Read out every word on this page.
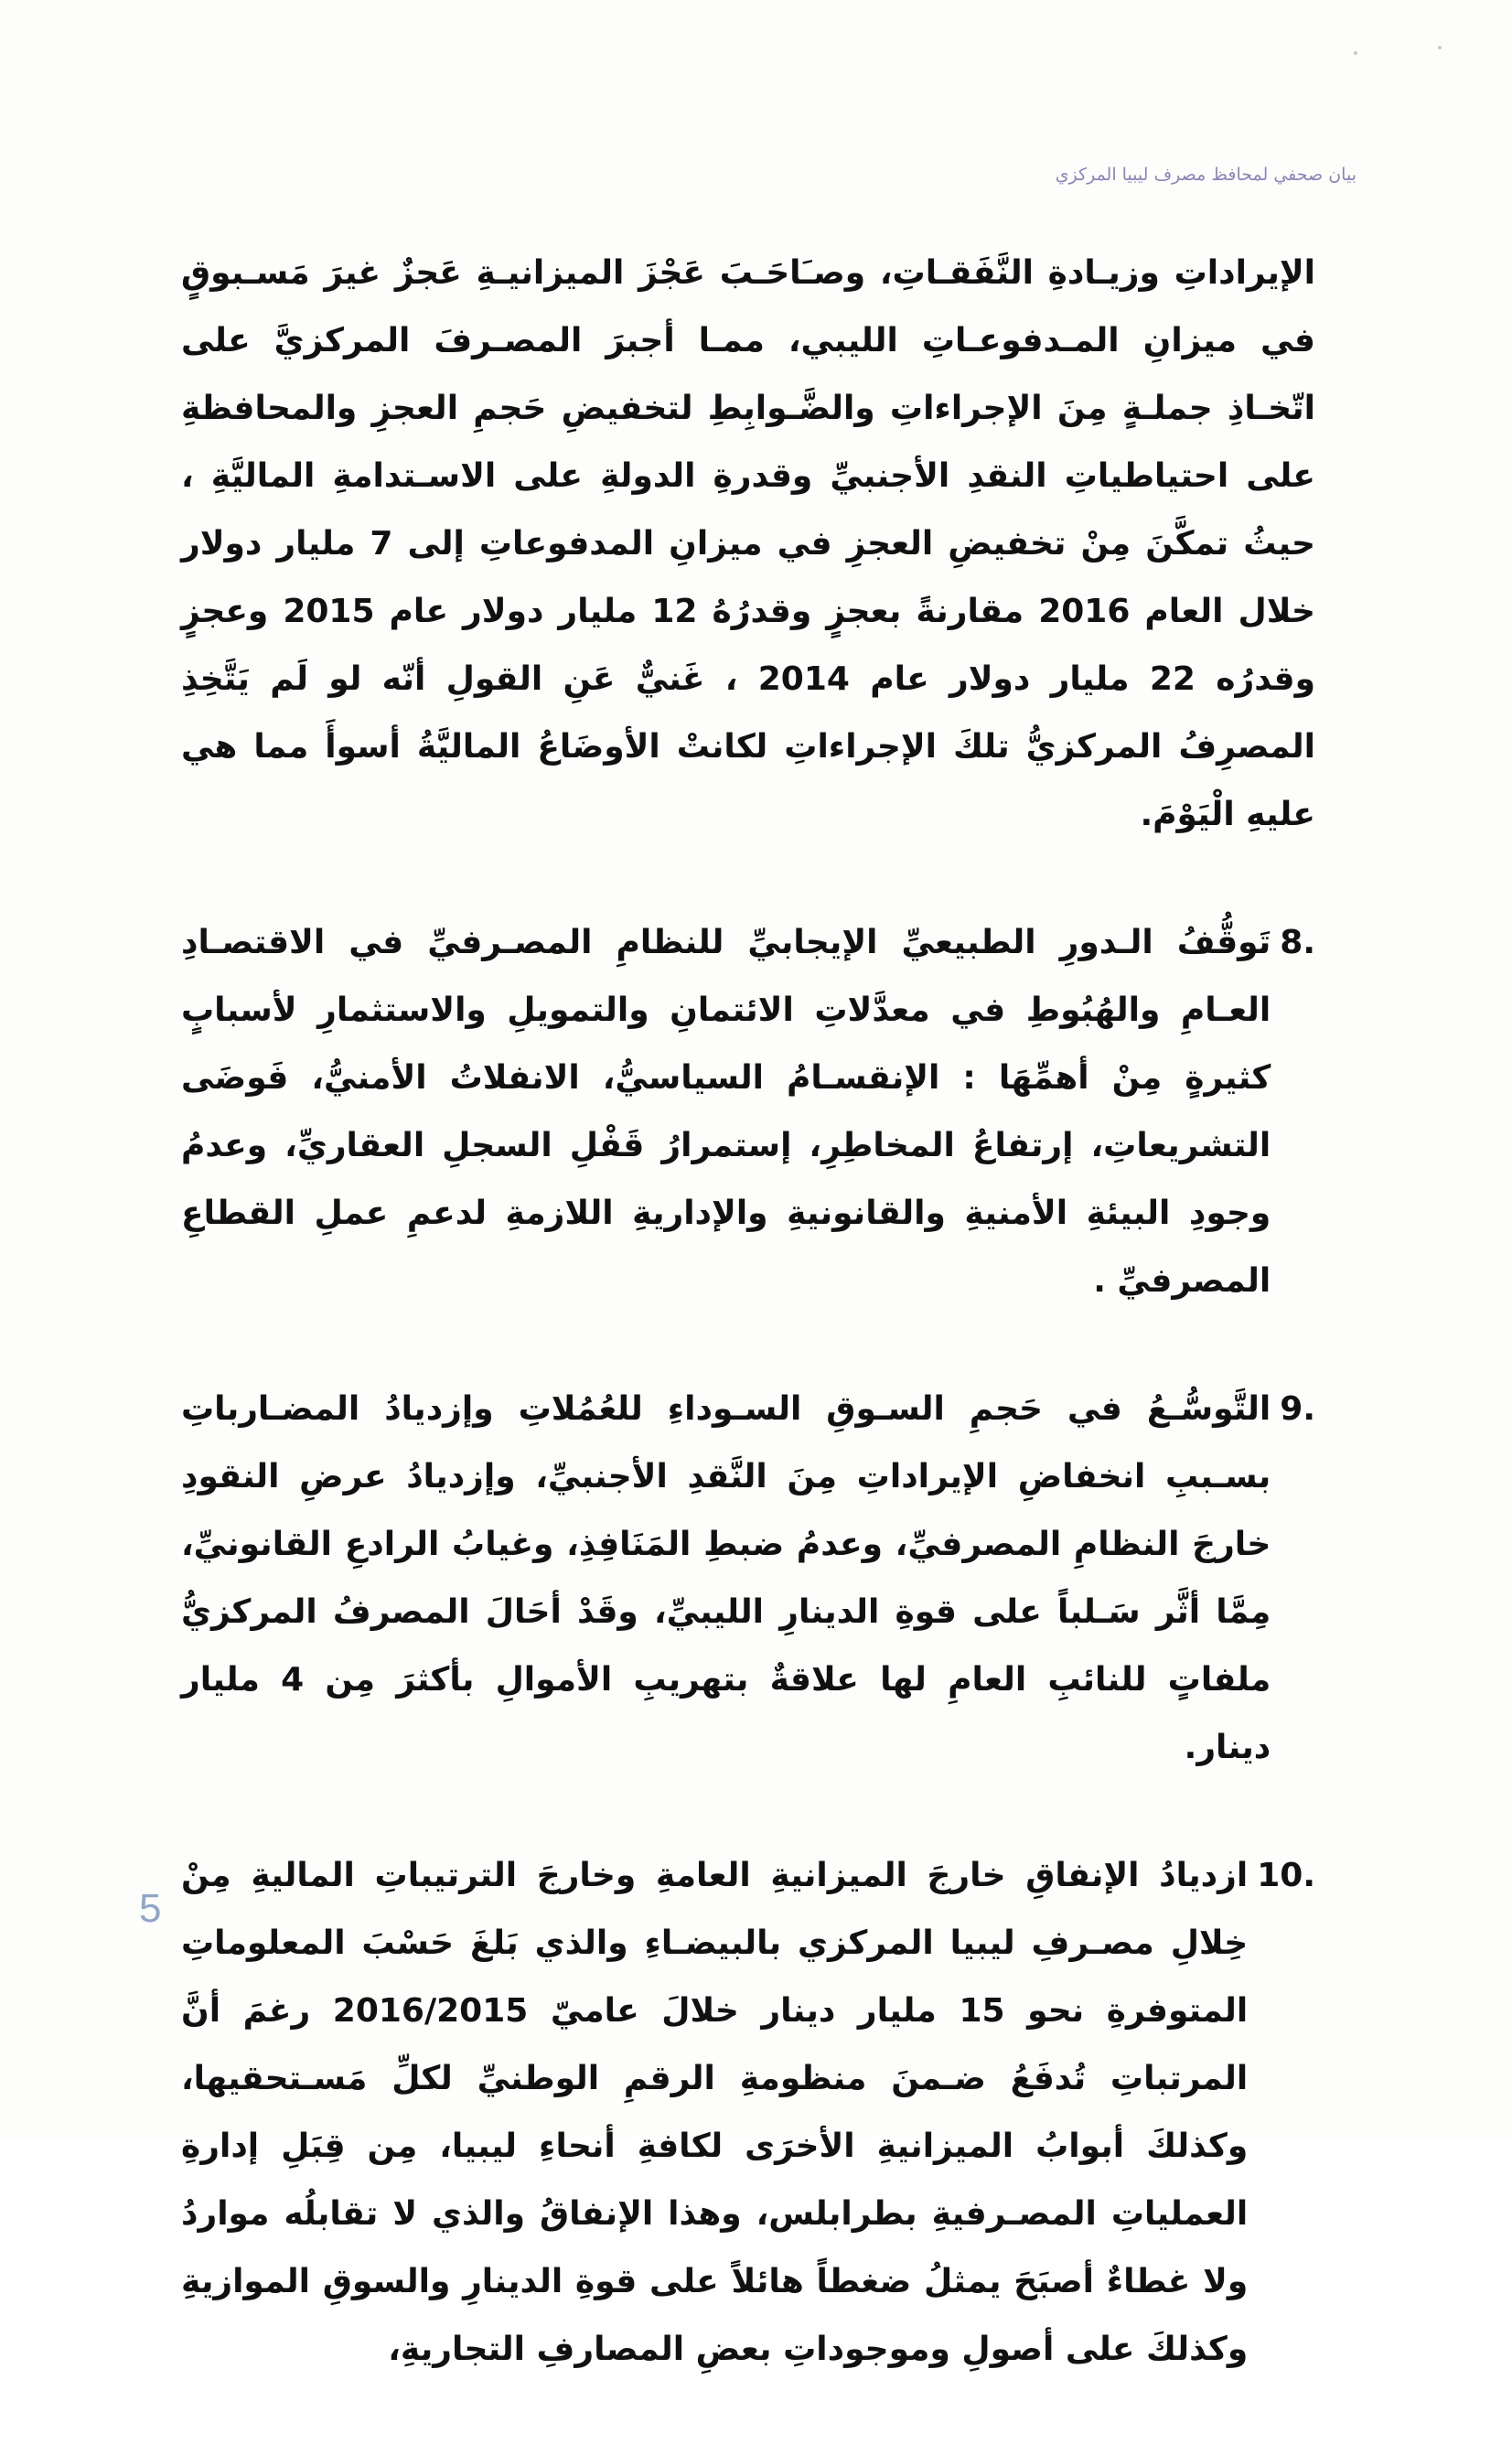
بيان صحفي لمحافظ مصرف ليبيا المركزي

الإيراداتِ وزيـادةِ النَّفَقـاتِ، وصـَاحَـبَ عَجْزَ الميزانيـةِ عَجزٌ غيرَ مَسـبوقٍ في ميزانِ المـدفوعـاتِ الليبي، ممـا أجبرَ المصـرفَ المركزيَّ على اتّخـاذِ جملـةٍ مِنَ الإجراءاتِ والضَّـوابِطِ لتخفيضِ حَجمِ العجزِ والمحافظةِ على احتياطياتِ النقدِ الأجنبيِّ وقدرةِ الدولةِ على الاسـتدامةِ الماليَّةِ ، حيثُ تمكَّنَ مِنْ تخفيضِ العجزِ في ميزانِ المدفوعاتِ إلى 7 مليار دولار خلال العام 2016 مقارنةً بعجزٍ وقدرُهُ 12 مليار دولار عام 2015 وعجزٍ وقدرُه 22 مليار دولار عام 2014 ، غَنيٌّ عَنِ القولِ أنّه لو لَم يَتَّخِذِ المصرِفُ المركزيُّ تلكَ الإجراءاتِ لكانتْ الأوضَاعُ الماليَّةُ أسوأَ مما هي عليهِ الْيَوْمَ.

8.

تَوقُّفُ الـدورِ الطبيعيِّ الإيجابيِّ للنظامِ المصـرفيِّ في الاقتصـادِ العـامِ والهُبُوطِ في معدَّلاتِ الائتمانِ والتمويلِ والاستثمارِ لأسبابٍ كثيرةٍ مِنْ أهمِّهَا : الإنقسـامُ السياسيُّ، الانفلاتُ الأمنيُّ، فَوضَى التشريعاتِ، إرتفاعُ المخاطِرِ، إستمرارُ قَفْلِ السجلِ العقاريِّ، وعدمُ وجودِ البيئةِ الأمنيةِ والقانونيةِ والإداريةِ اللازمةِ لدعمِ عملِ القطاعِ المصرفيِّ .

9.

التَّوسُّـعُ في حَجمِ السـوقِ السـوداءِ للعُمُلاتِ وإزديادُ المضـارباتِ بسـببِ انخفاضِ الإيراداتِ مِنَ النَّقدِ الأجنبيِّ، وإزديادُ عرضِ النقودِ خارجَ النظامِ المصرفيِّ، وعدمُ ضبطِ المَنَافِذِ، وغيابُ الرادعِ القانونيِّ، مِمَّا أثَّر سَـلباً على قوةِ الدينارِ الليبيِّ، وقَدْ أحَالَ المصرفُ المركزيُّ ملفاتٍ للنائبِ العامِ لها علاقةٌ بتهريبِ الأموالِ بأكثرَ مِن 4 مليار دينار.

10.

ازديادُ الإنفاقِ خارجَ الميزانيةِ العامةِ وخارجَ الترتيباتِ الماليةِ مِنْ خِلالِ مصـرفِ ليبيا المركزي بالبيضـاءِ والذي بَلغَ حَسْبَ المعلوماتِ المتوفرةِ نحو 15 مليار دينار خلالَ عاميّ 2016/2015 رغمَ أنَّ المرتباتِ تُدفَعُ ضـمنَ منظومةِ الرقمِ الوطنيِّ لكلِّ مَسـتحقيها، وكذلكَ أبوابُ الميزانيةِ الأخرَى لكافةِ أنحاءِ ليبيا، مِن قِبَلِ إدارةِ العملياتِ المصـرفيةِ بطرابلس، وهذا الإنفاقُ والذي لا تقابلُه مواردُ ولا غطاءٌ أصبَحَ يمثلُ ضغطاً هائلاً على قوةِ الدينارِ والسوقِ الموازيةِ وكذلكَ على أصولِ وموجوداتِ بعضِ المصارفِ التجاريةِ،

5
